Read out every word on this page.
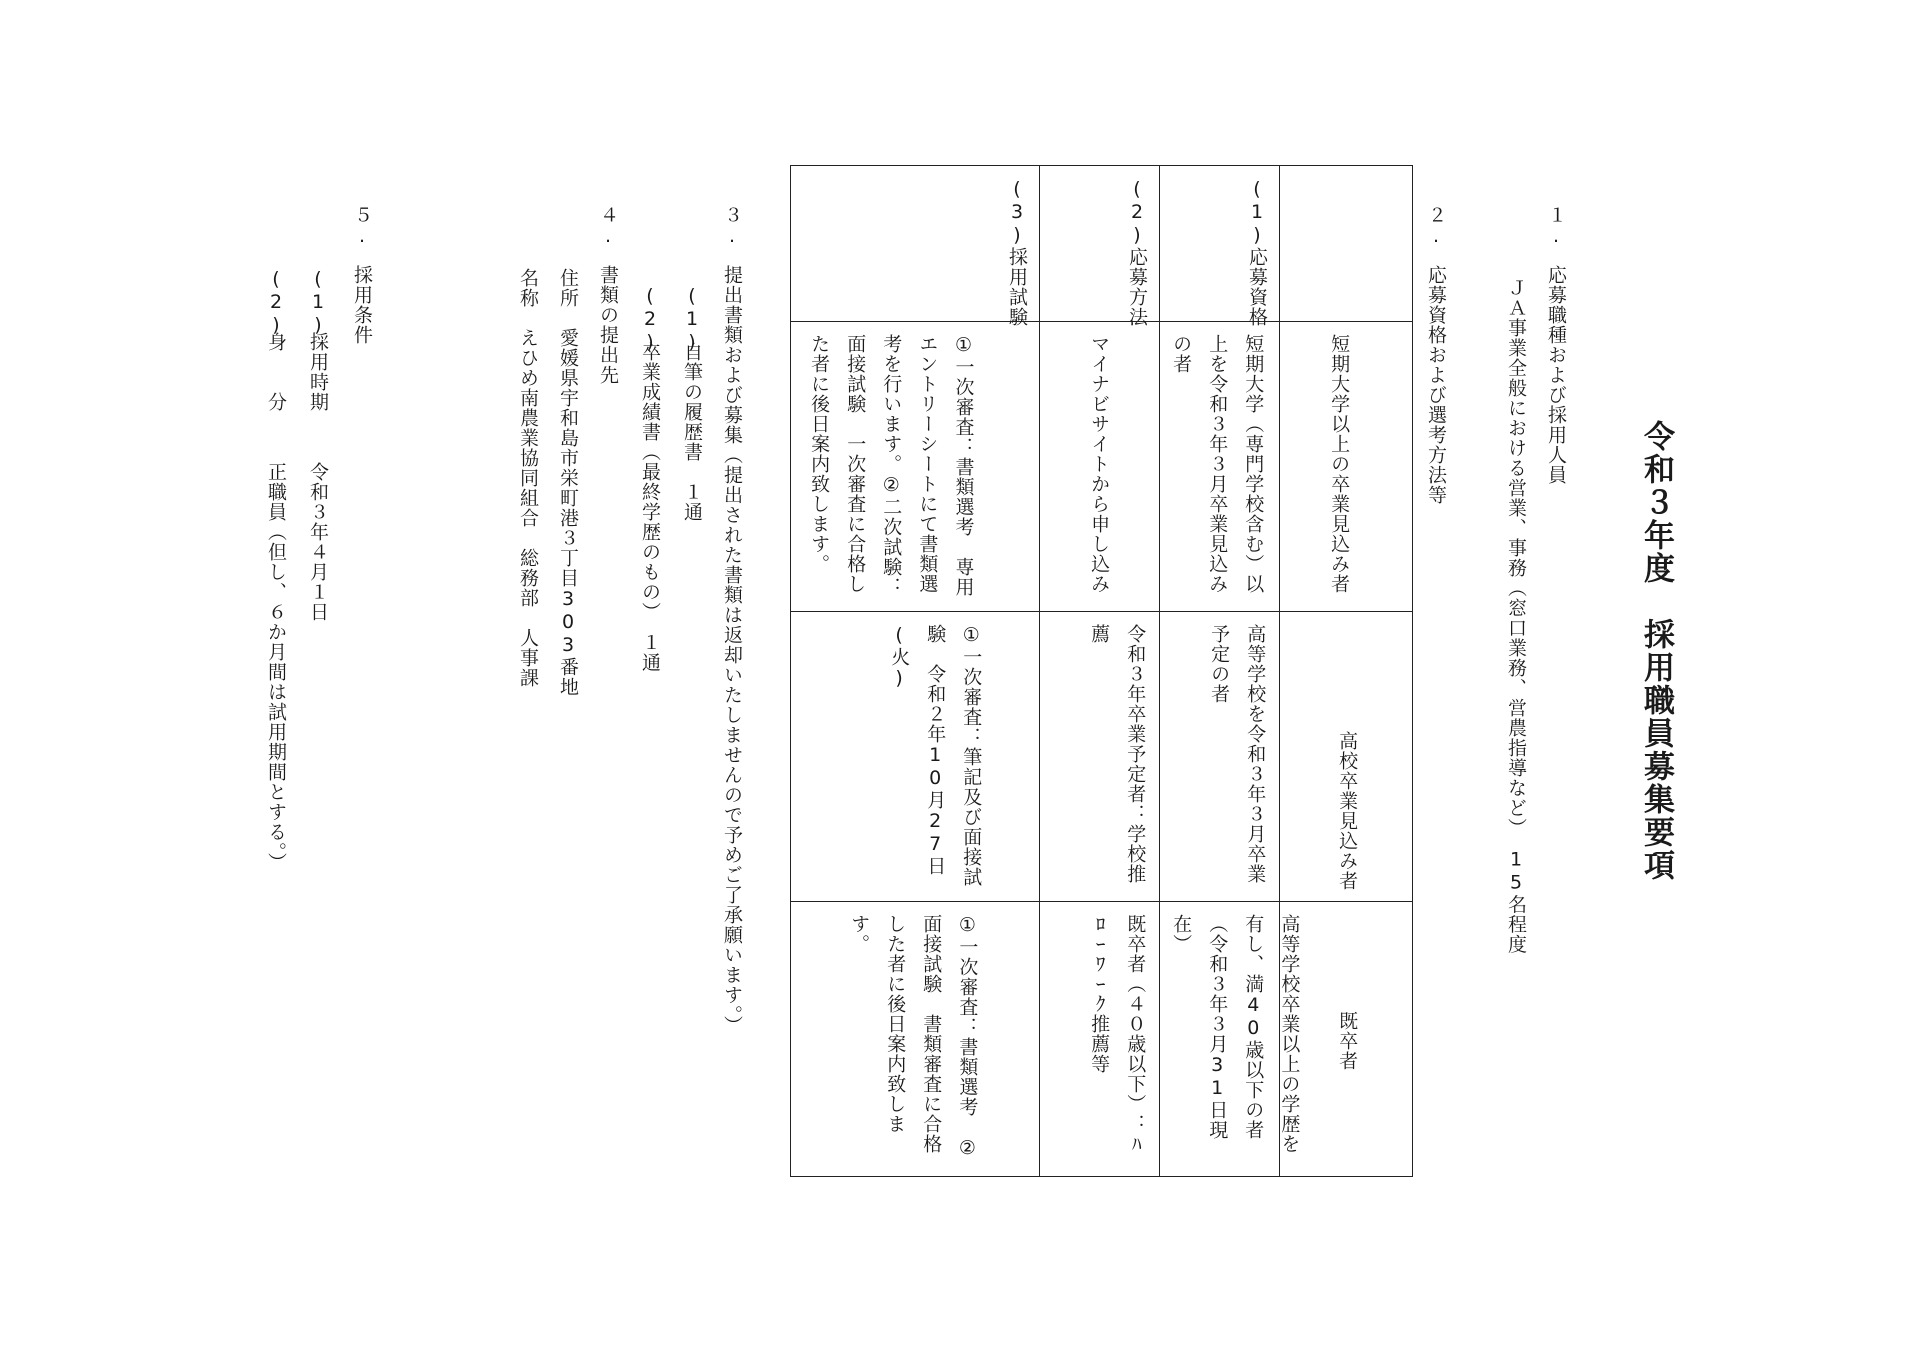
令和３年度　採用職員募集要項
１.
応募職種および採用人員
ＪＡ事業全般における営業、事務（窓口業務、営農指導など）　15名程度
２.
応募資格および選考方法等
短期大学以上の卒業見込み者
高校卒業見込み者
既卒者
(1)応募資格
短期大学（専門学校含む）以上を令和３年３月卒業見込みの者
高等学校を令和３年３月卒業予定の者
高等学校卒業以上の学歴を有し、満40歳以下の者（令和３年３月31日現在）
(2)応募方法
マイナビサイトから申し込み
令和３年卒業予定者：学校推薦
既卒者（４０歳以下）：ﾊﾛｰﾜｰｸ推薦等
(3)採用試験
①一次審査：書類選考　専用エントリーシートにて書類選考を行います。②二次試験：面接試験　一次審査に合格した者に後日案内致します。
①一次審査：筆記及び面接試験　令和２年10月27日(火)
①一次審査：書類選考　②面接試験　書類審査に合格した者に後日案内致します。
３.
提出書類および募集（提出された書類は返却いたしませんので予めご了承願います。）
(1)
自筆の履歴書　１通
(2)
卒業成績書（最終学歴のもの）　１通
４.
書類の提出先
住所　愛媛県宇和島市栄町港３丁目303番地
名称　えひめ南農業協同組合　総務部　人事課
５.
採用条件
(1)
採用時期
令和３年４月１日
(2)
身　　分
正職員（但し、６か月間は試用期間とする。）
